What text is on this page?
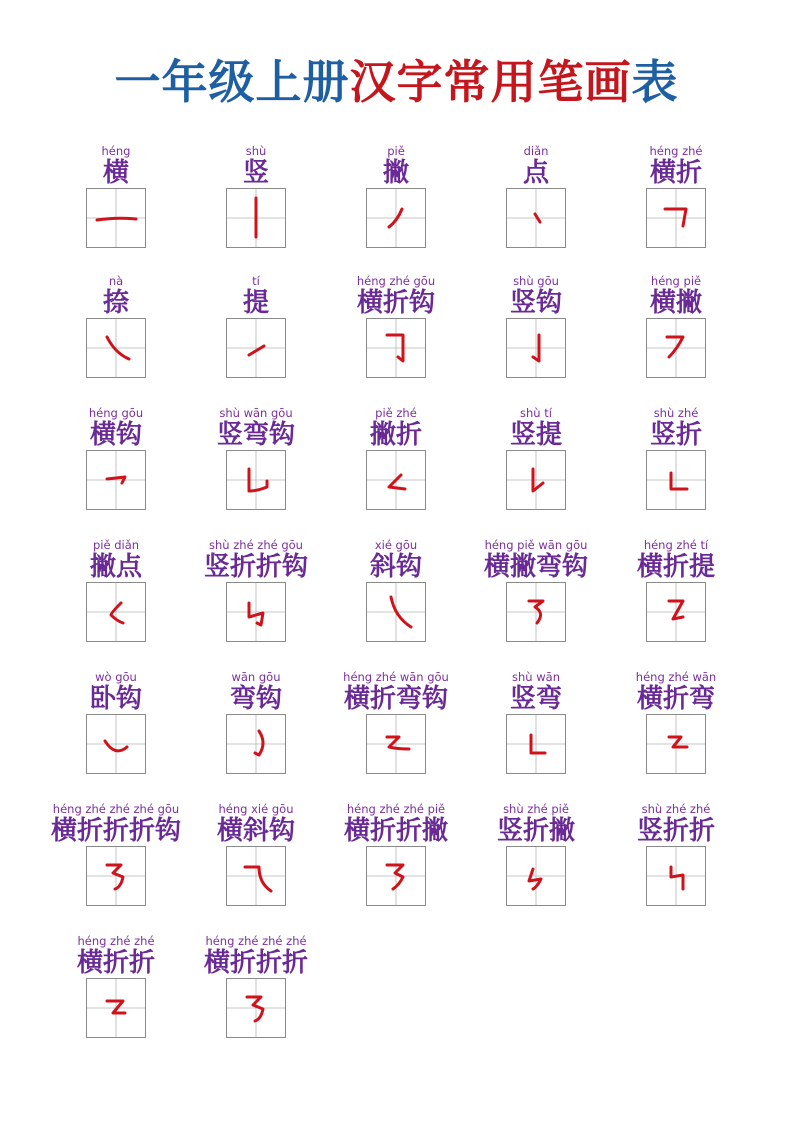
一年级上册汉字常用笔画表
héng
横
shù
竖
piě
撇
diǎn
点
héng zhé
横折
nà
捺
tí
提
héng zhé gōu
横折钩
shù gōu
竖钩
héng piě
横撇
héng gōu
横钩
shù wān gōu
竖弯钩
piě zhé
撇折
shù tí
竖提
shù zhé
竖折
piě diǎn
撇点
shù zhé zhé gōu
竖折折钩
xié gōu
斜钩
héng piě wān gōu
横撇弯钩
héng zhé tí
横折提
wò gōu
卧钩
wān gōu
弯钩
héng zhé wān gōu
横折弯钩
shù wān
竖弯
héng zhé wān
横折弯
héng zhé zhé zhé gōu
横折折折钩
héng xié gōu
横斜钩
héng zhé zhé piě
横折折撇
shù zhé piě
竖折撇
shù zhé zhé
竖折折
héng zhé zhé
横折折
héng zhé zhé zhé
横折折折
